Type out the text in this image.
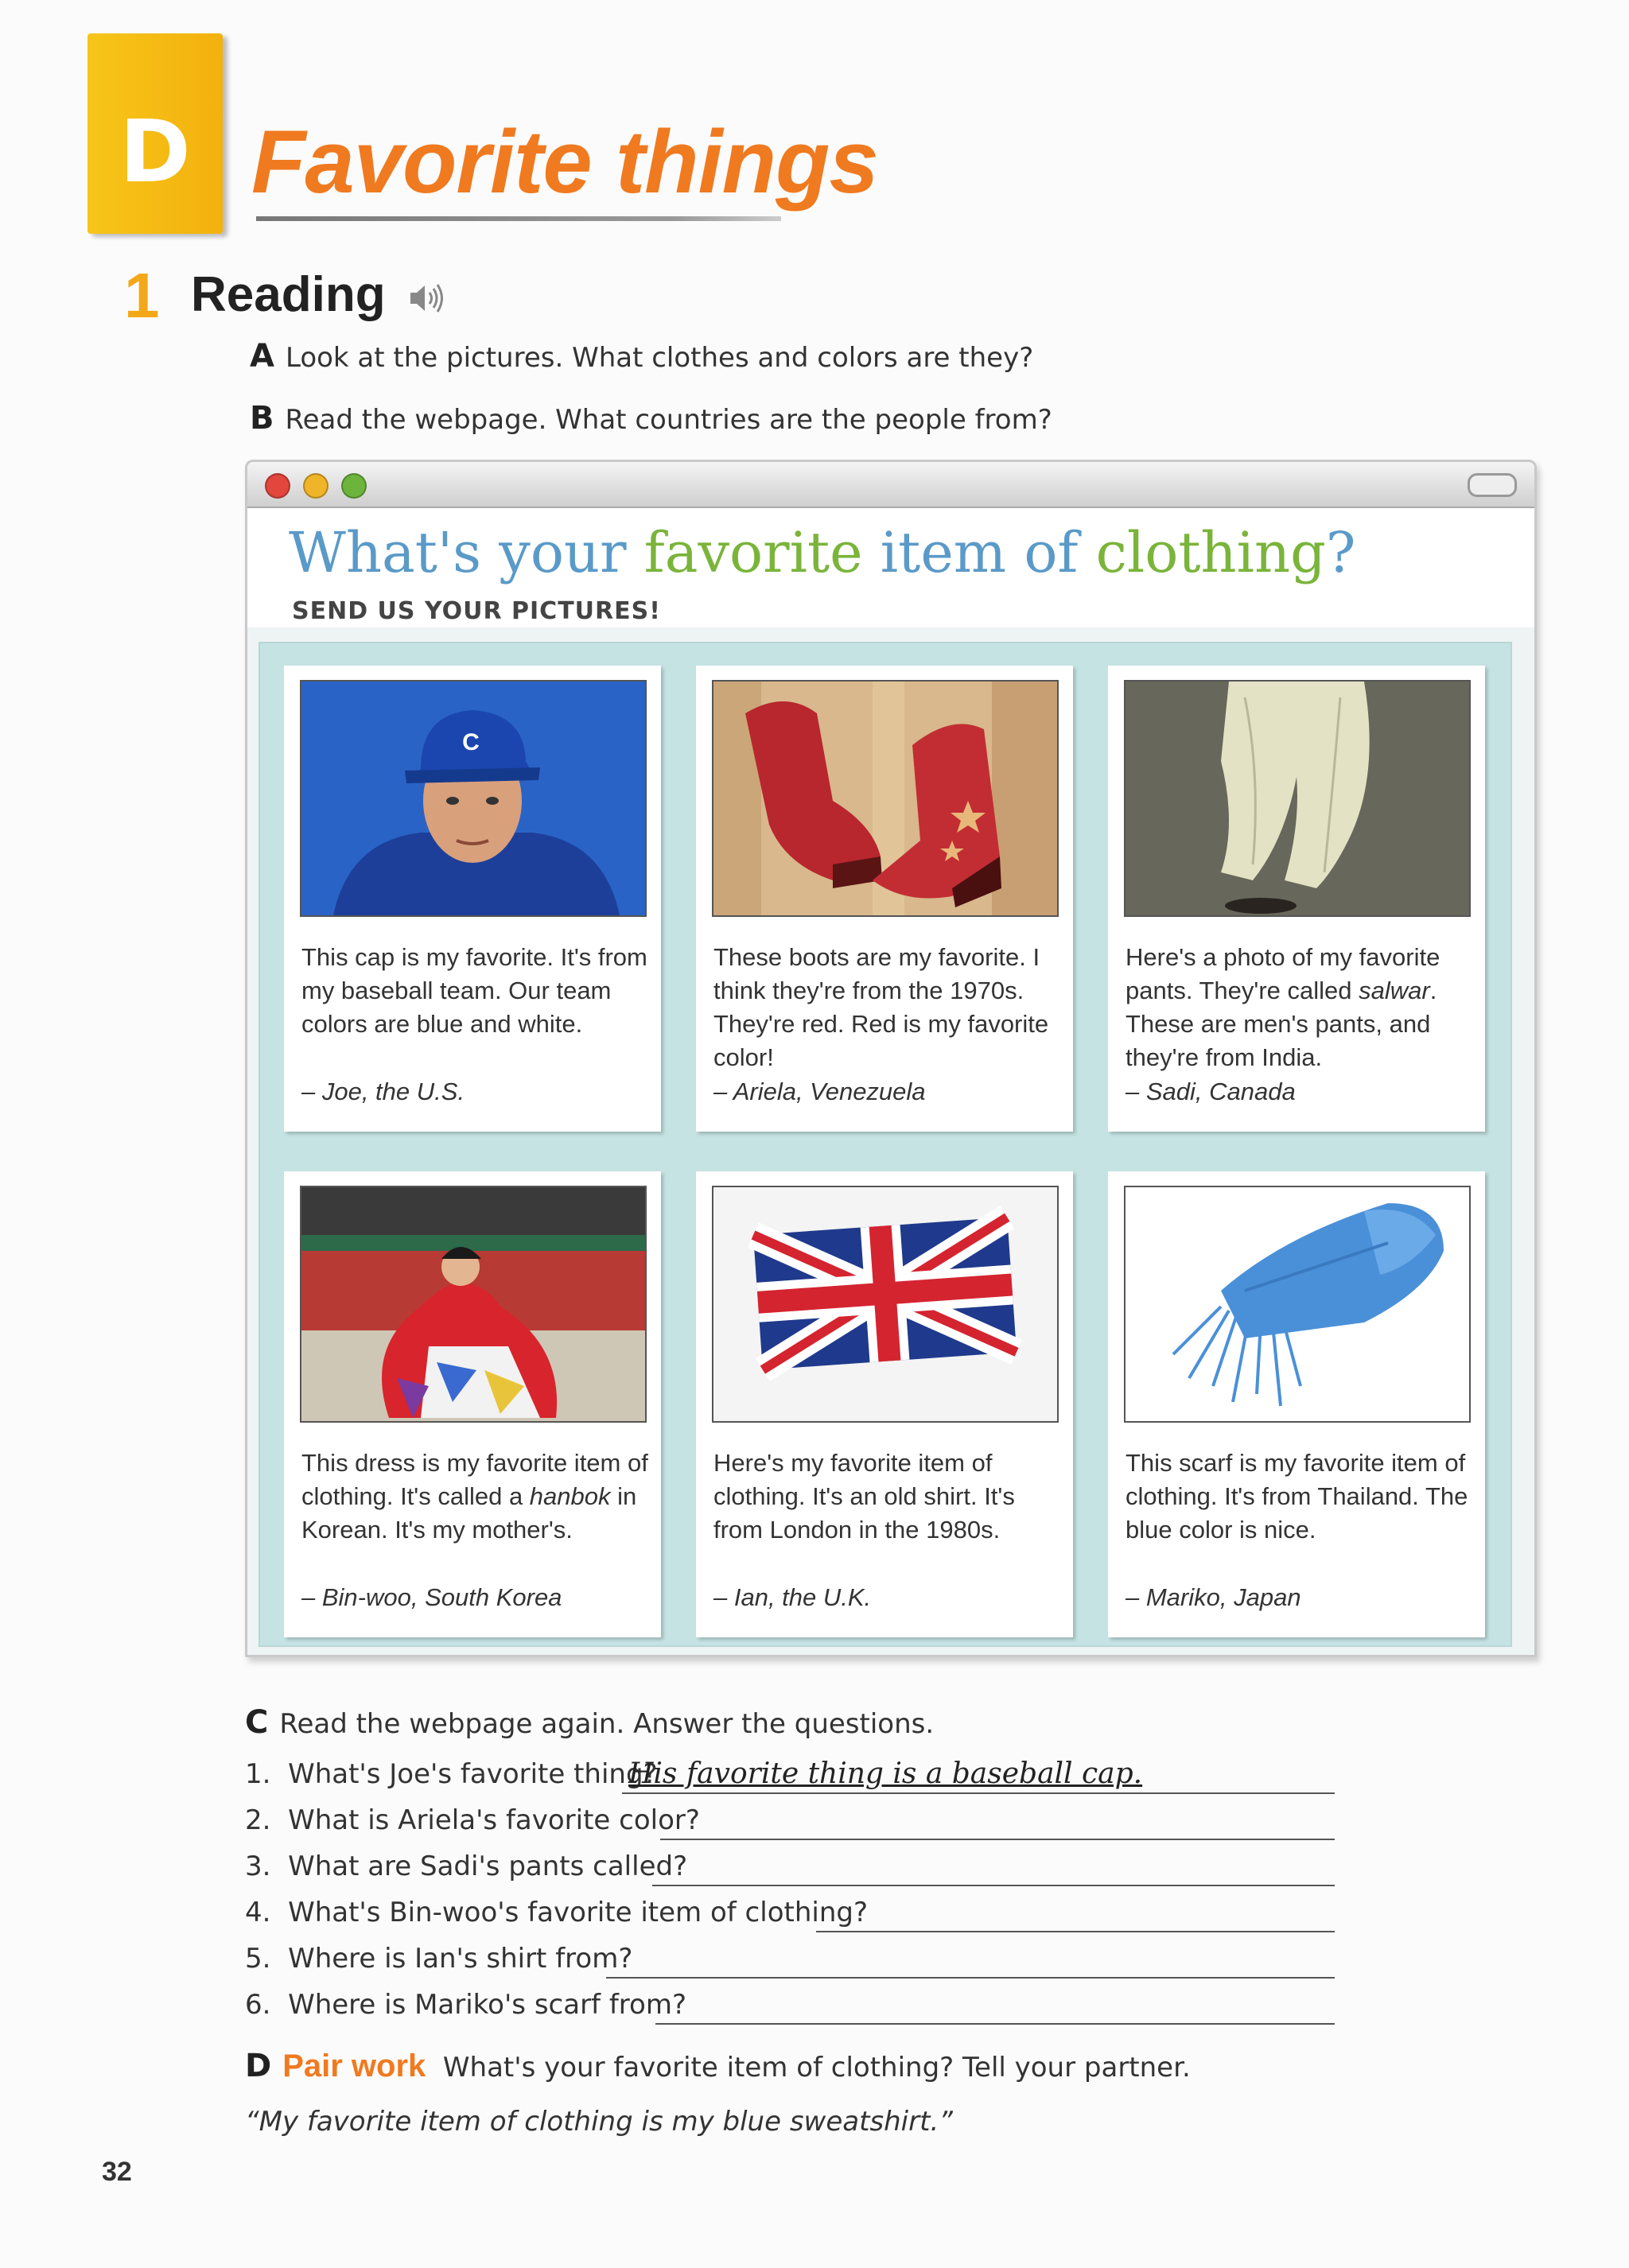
D Favorite things
1 Reading
A Look at the pictures. What clothes and colors are they?
B Read the webpage. What countries are the people from?
What's your favorite item of clothing?
SEND US YOUR PICTURES!
C
This cap is my favorite. It's from my baseball team. Our team colors are blue and white.
– Joe, the U.S.
These boots are my favorite. I think they're from the 1970s. They're red. Red is my favorite color!
– Ariela, Venezuela
Here's a photo of my favorite pants. They're called salwar. These are men's pants, and they're from India.
– Sadi, Canada
This dress is my favorite item of clothing. It's called a hanbok in Korean. It's my mother's.
– Bin-woo, South Korea
Here's my favorite item of clothing. It's an old shirt. It's from London in the 1980s.
– Ian, the U.K.
This scarf is my favorite item of clothing. It's from Thailand. The blue color is nice.
– Mariko, Japan
C Read the webpage again. Answer the questions.
1. What's Joe's favorite thing?
His favorite thing is a baseball cap.
2. What is Ariela's favorite color?
3. What are Sadi's pants called?
4. What's Bin-woo's favorite item of clothing?
5. Where is Ian's shirt from?
6. Where is Mariko's scarf from?
D Pair work What's your favorite item of clothing? Tell your partner.
“My favorite item of clothing is my blue sweatshirt.”
32
